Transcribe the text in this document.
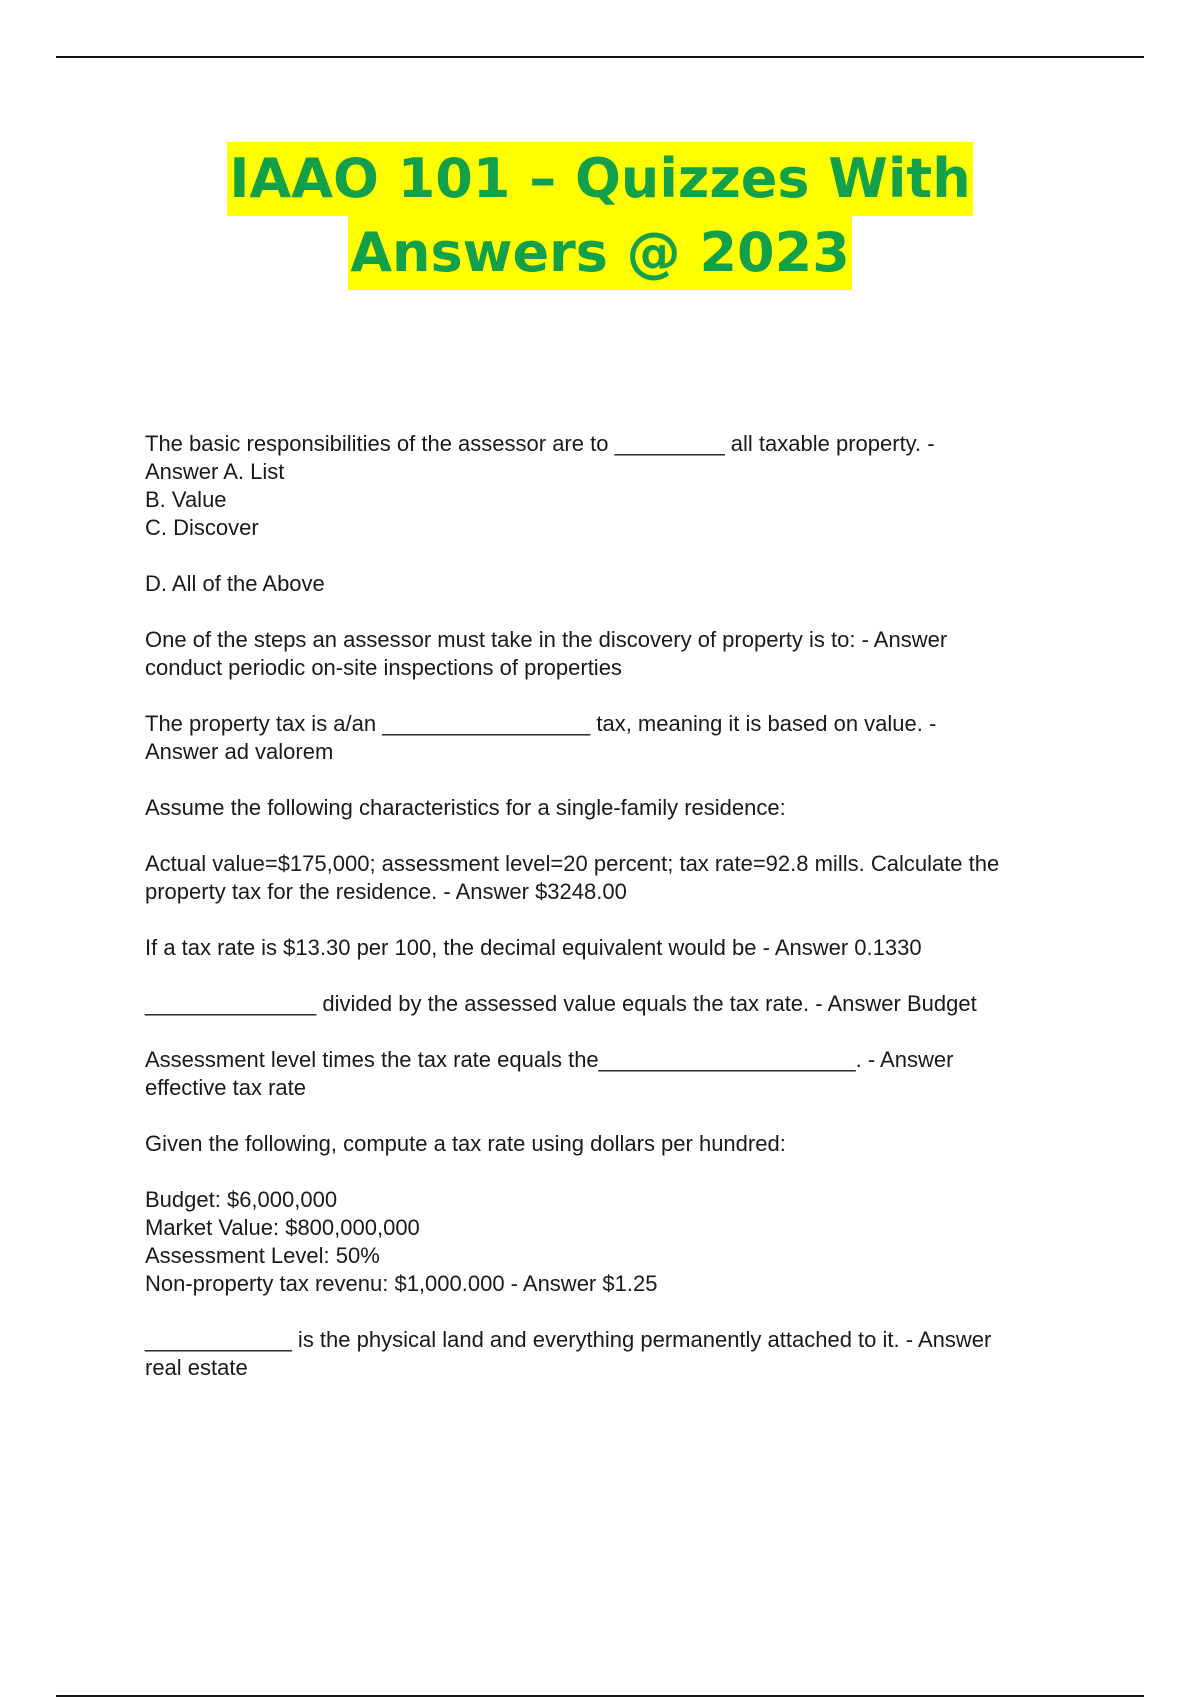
IAAO 101 – Quizzes With
Answers @ 2023

The basic responsibilities of the assessor are to _________ all taxable property. -
Answer A. List
B. Value
C. Discover

D. All of the Above

One of the steps an assessor must take in the discovery of property is to: - Answer
conduct periodic on-site inspections of properties

The property tax is a/an _________________ tax, meaning it is based on value. -
Answer ad valorem

Assume the following characteristics for a single-family residence:

Actual value=$175,000; assessment level=20 percent; tax rate=92.8 mills. Calculate the
property tax for the residence. - Answer $3248.00

If a tax rate is $13.30 per 100, the decimal equivalent would be - Answer 0.1330

______________ divided by the assessed value equals the tax rate. - Answer Budget

Assessment level times the tax rate equals the_____________________. - Answer
effective tax rate

Given the following, compute a tax rate using dollars per hundred:

Budget: $6,000,000
Market Value: $800,000,000
Assessment Level: 50%
Non-property tax revenu: $1,000.000 - Answer $1.25

____________ is the physical land and everything permanently attached to it. - Answer
real estate
